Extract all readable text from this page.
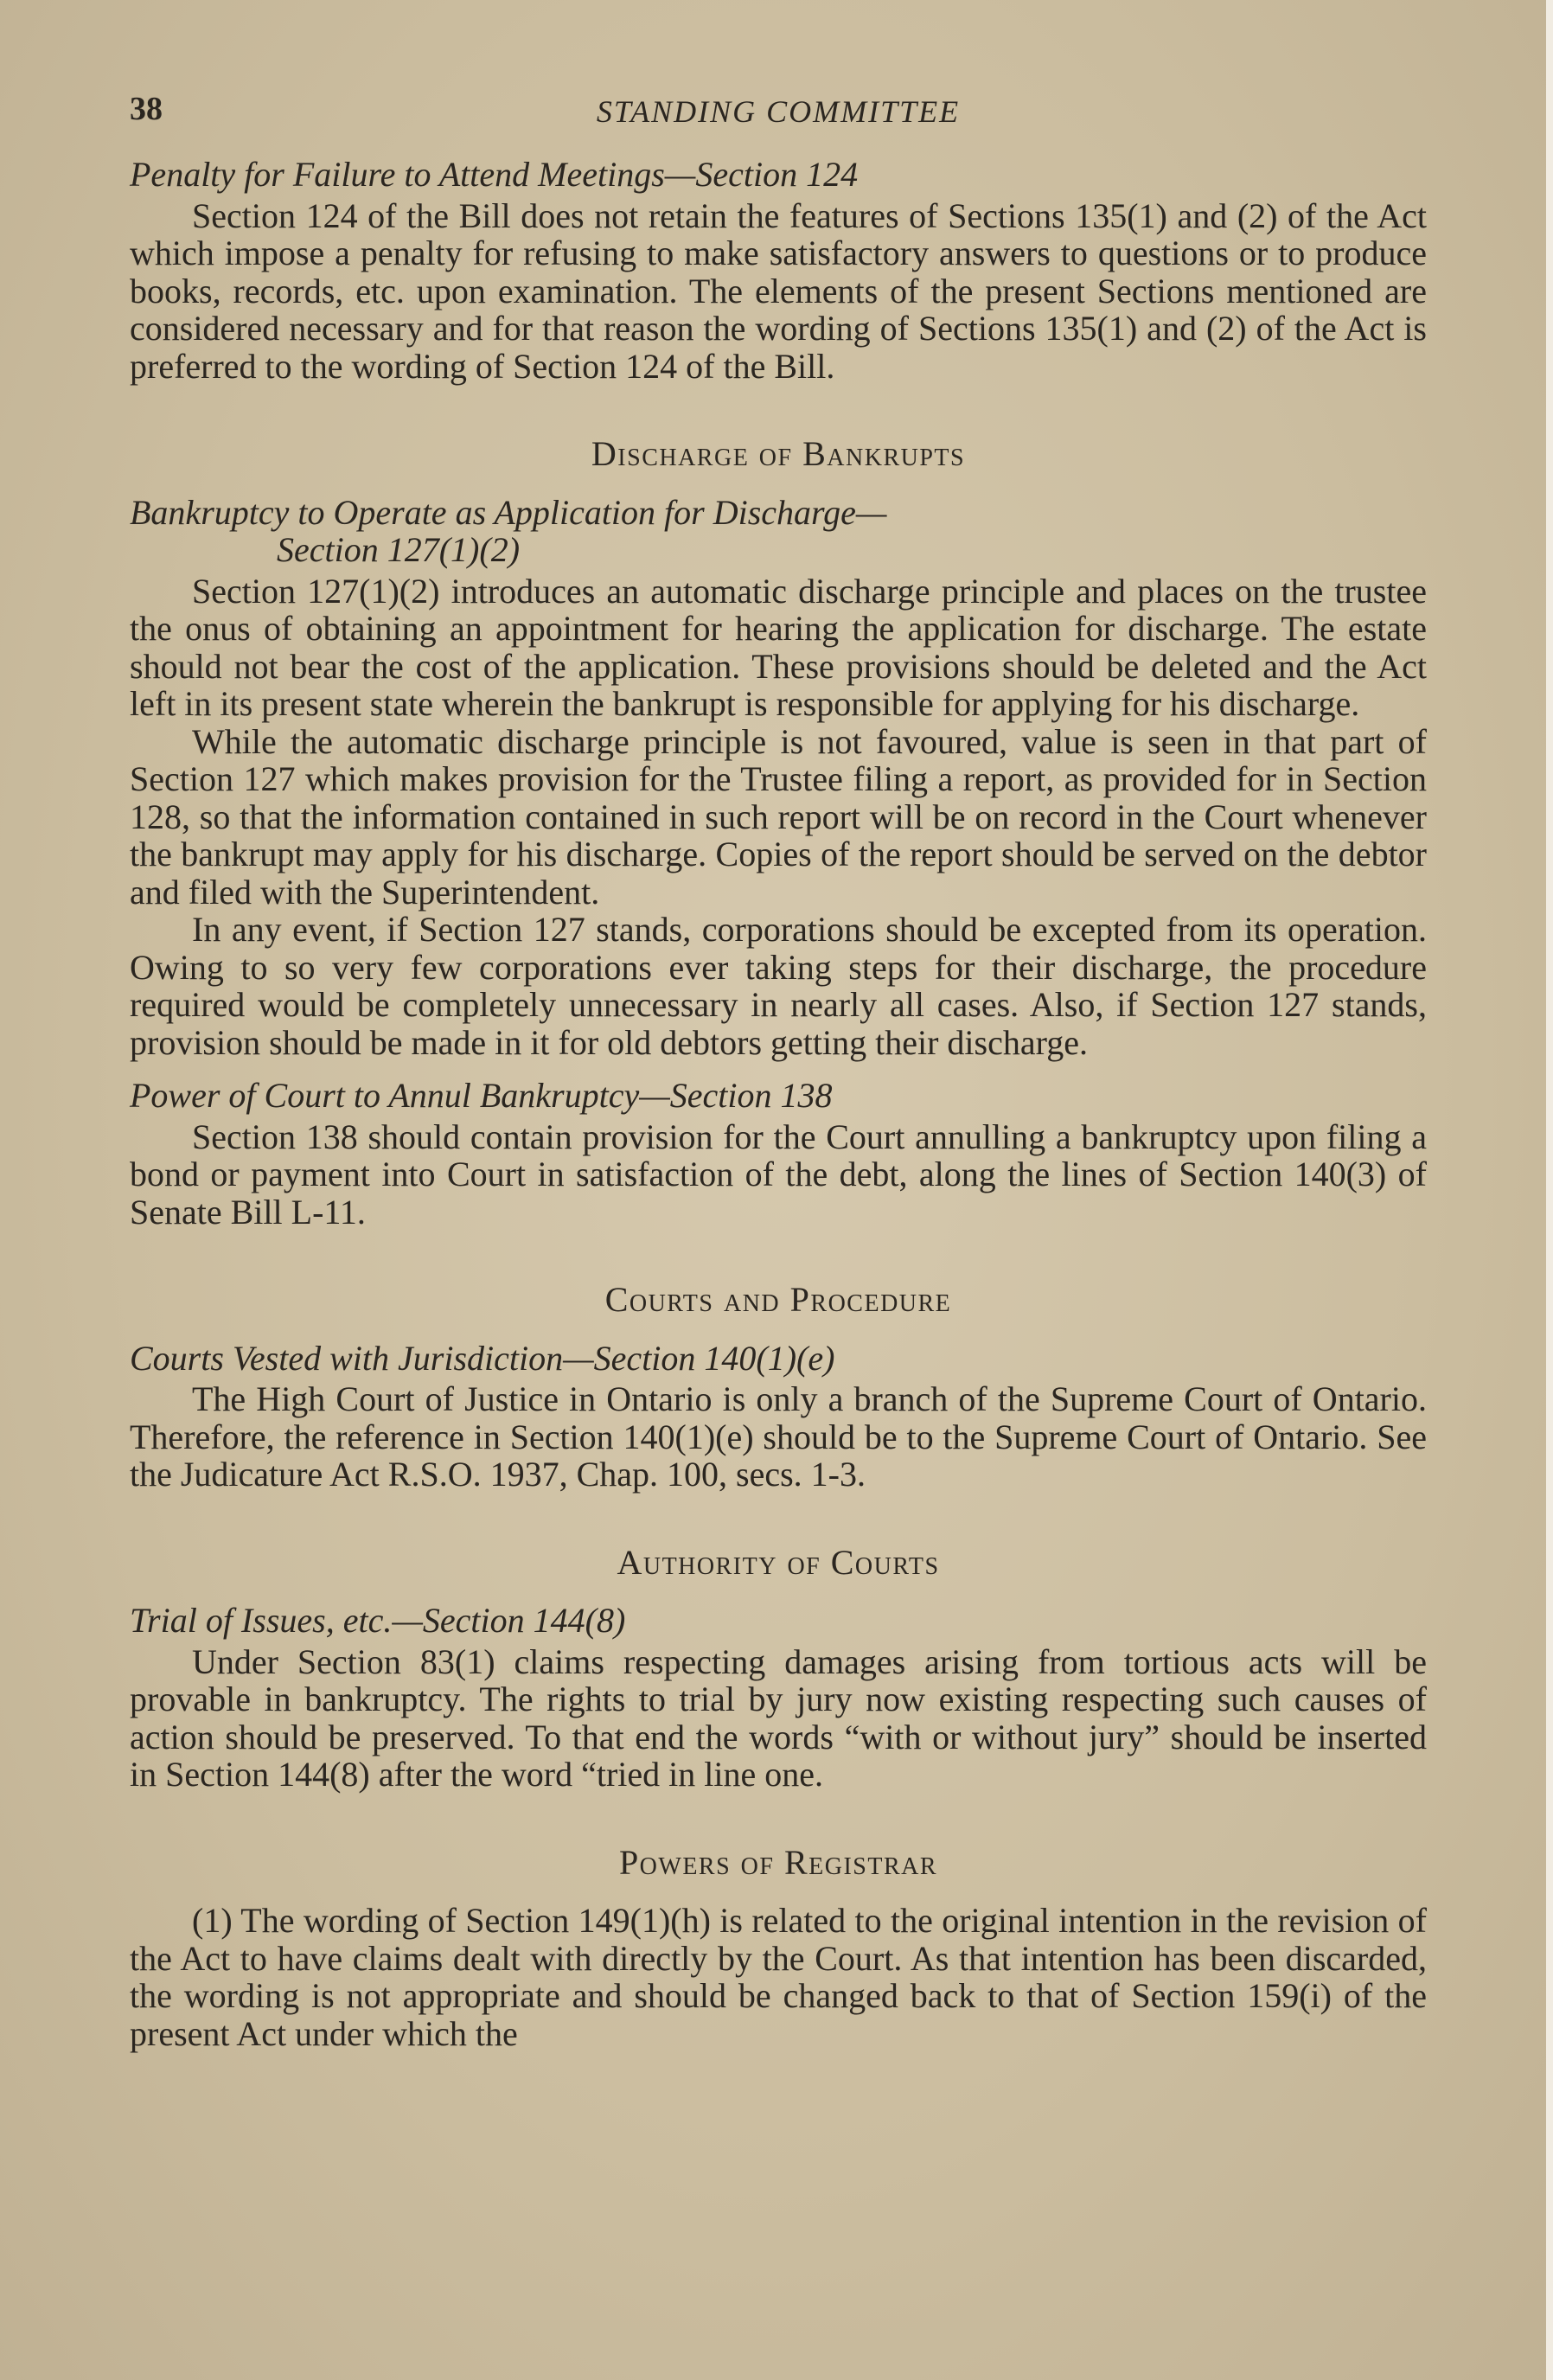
38	STANDING COMMITTEE
Penalty for Failure to Attend Meetings—Section 124

Section 124 of the Bill does not retain the features of Sections 135(1) and (2) of the Act which impose a penalty for refusing to make satisfactory answers to questions or to produce books, records, etc. upon examination. The elements of the present Sections mentioned are considered necessary and for that reason the wording of Sections 135(1) and (2) of the Act is preferred to the wording of Section 124 of the Bill.

Discharge of Bankrupts
Bankruptcy to Operate as Application for Discharge—
Section 127(1)(2)

Section 127(1)(2) introduces an automatic discharge principle and places on the trustee the onus of obtaining an appointment for hearing the application for discharge. The estate should not bear the cost of the application. These provisions should be deleted and the Act left in its present state wherein the bankrupt is responsible for applying for his discharge.

While the automatic discharge principle is not favoured, value is seen in that part of Section 127 which makes provision for the Trustee filing a report, as provided for in Section 128, so that the information contained in such report will be on record in the Court whenever the bankrupt may apply for his discharge. Copies of the report should be served on the debtor and filed with the Superintendent.

In any event, if Section 127 stands, corporations should be excepted from its operation. Owing to so very few corporations ever taking steps for their discharge, the procedure required would be completely unnecessary in nearly all cases. Also, if Section 127 stands, provision should be made in it for old debtors getting their discharge.

Power of Court to Annul Bankruptcy—Section 138

Section 138 should contain provision for the Court annulling a bankruptcy upon filing a bond or payment into Court in satisfaction of the debt, along the lines of Section 140(3) of Senate Bill L-11.

Courts and Procedure
Courts Vested with Jurisdiction—Section 140(1)(e)

The High Court of Justice in Ontario is only a branch of the Supreme Court of Ontario. Therefore, the reference in Section 140(1)(e) should be to the Supreme Court of Ontario. See the Judicature Act R.S.O. 1937, Chap. 100, secs. 1-3.

Authority of Courts
Trial of Issues, etc.—Section 144(8)

Under Section 83(1) claims respecting damages arising from tortious acts will be provable in bankruptcy. The rights to trial by jury now existing respecting such causes of action should be preserved. To that end the words “with or without jury” should be inserted in Section 144(8) after the word “tried in line one.

Powers of Registrar

(1) The wording of Section 149(1)(h) is related to the original intention in the revision of the Act to have claims dealt with directly by the Court. As that intention has been discarded, the wording is not appropriate and should be changed back to that of Section 159(i) of the present Act under which the
